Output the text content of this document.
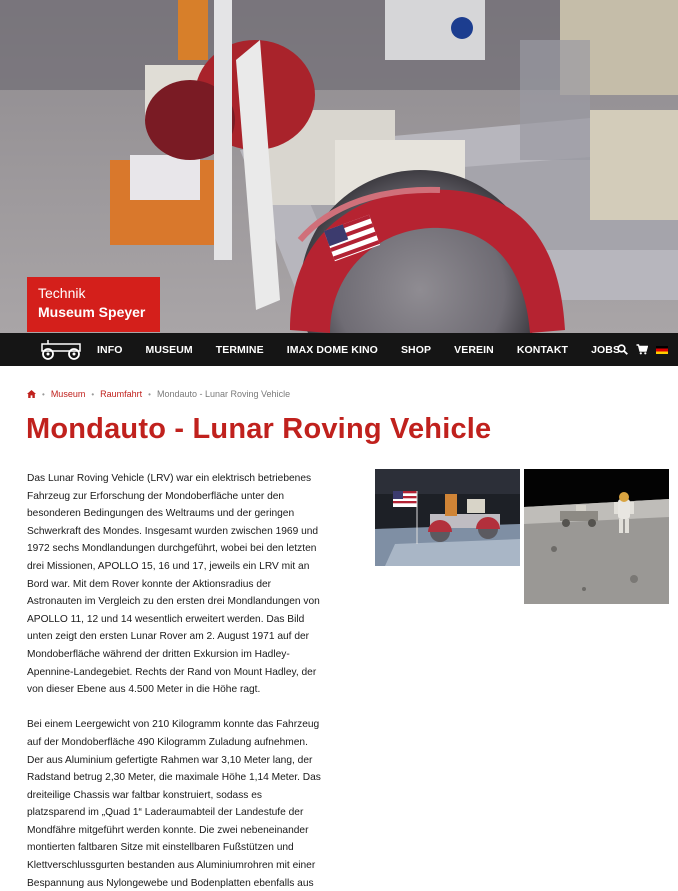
Technik
Museum Speyer
INFO MUSEUM TERMINE IMAX DOME KINO SHOP VEREIN KONTAKT JOBS
• Museum • Raumfahrt • Mondauto - Lunar Roving Vehicle
Mondauto - Lunar Roving Vehicle

Das Lunar Roving Vehicle (LRV) war ein elektrisch betriebenes Fahrzeug zur Erforschung der Mondoberfläche unter den besonderen Bedingungen des Weltraums und der geringen Schwerkraft des Mondes. Insgesamt wurden zwischen 1969 und 1972 sechs Mondlandungen durchgeführt, wobei bei den letzten drei Missionen, APOLLO 15, 16 und 17, jeweils ein LRV mit an Bord war. Mit dem Rover konnte der Aktionsradius der Astronauten im Vergleich zu den ersten drei Mondlandungen von APOLLO 11, 12 und 14 wesentlich erweitert werden. Das Bild unten zeigt den ersten Lunar Rover am 2. August 1971 auf der Mondoberfläche während der dritten Exkursion im Hadley-Apennine-Landegebiet. Rechts der Rand von Mount Hadley, der von dieser Ebene aus 4.500 Meter in die Höhe ragt.

Bei einem Leergewicht von 210 Kilogramm konnte das Fahrzeug auf der Mondoberfläche 490 Kilogramm Zuladung aufnehmen. Der aus Aluminium gefertigte Rahmen war 3,10 Meter lang, der Radstand betrug 2,30 Meter, die maximale Höhe 1,14 Meter. Das dreiteilige Chassis war faltbar konstruiert, sodass es platzsparend im „Quad 1“ Laderaumabteil der Landestufe der Mondfähre mitgeführt werden konnte. Die zwei nebeneinander montierten faltbaren Sitze mit einstellbaren Fußstützen und Klettverschlussgurten bestanden aus Aluminiumrohren mit einer Bespannung aus Nylongewebe und Bodenplatten ebenfalls aus
